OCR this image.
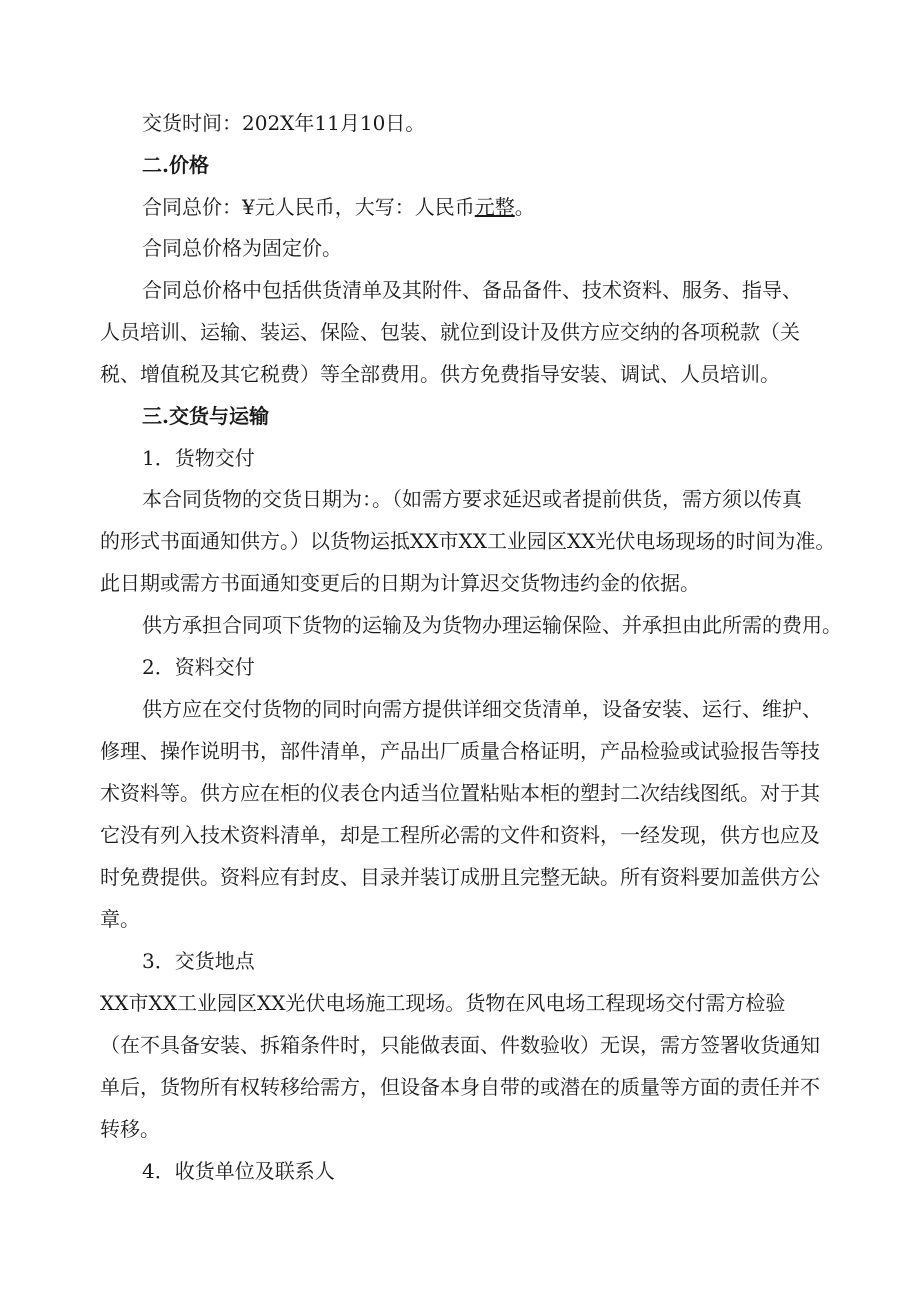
交货时间：202X年11月10日。
二.价格
合同总价：¥元人民币，大写：人民币元整。
合同总价格为固定价。
合同总价格中包括供货清单及其附件、备品备件、技术资料、服务、指导、
人员培训、运输、装运、保险、包装、就位到设计及供方应交纳的各项税款（关
税、增值税及其它税费）等全部费用。供方免费指导安装、调试、人员培训。
三.交货与运输
1．货物交付
本合同货物的交货日期为：。（如需方要求延迟或者提前供货，需方须以传真
的形式书面通知供方。）以货物运抵XX市XX工业园区XX光伏电场现场的时间为准。
此日期或需方书面通知变更后的日期为计算迟交货物违约金的依据。
供方承担合同项下货物的运输及为货物办理运输保险、并承担由此所需的费用。
2．资料交付
供方应在交付货物的同时向需方提供详细交货清单，设备安装、运行、维护、
修理、操作说明书，部件清单，产品出厂质量合格证明，产品检验或试验报告等技
术资料等。供方应在柜的仪表仓内适当位置粘贴本柜的塑封二次结线图纸。对于其
它没有列入技术资料清单，却是工程所必需的文件和资料，一经发现，供方也应及
时免费提供。资料应有封皮、目录并装订成册且完整无缺。所有资料要加盖供方公
章。
3．交货地点
XX市XX工业园区XX光伏电场施工现场。货物在风电场工程现场交付需方检验
（在不具备安装、拆箱条件时，只能做表面、件数验收）无误，需方签署收货通知
单后，货物所有权转移给需方，但设备本身自带的或潜在的质量等方面的责任并不
转移。
4．收货单位及联系人
